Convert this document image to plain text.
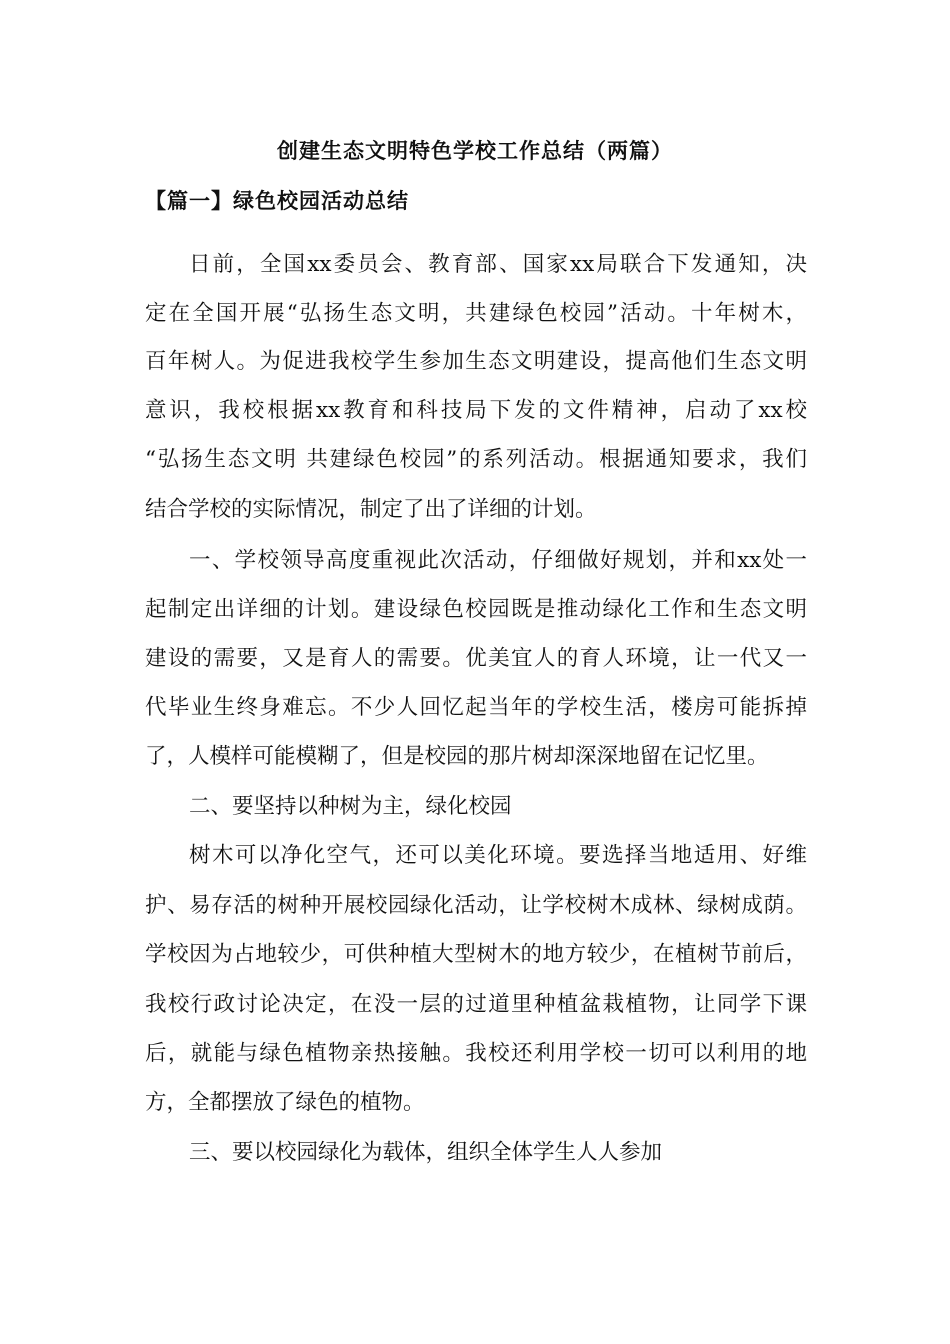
创建生态文明特色学校工作总结（两篇）
【篇一】绿色校园活动总结
日前，全国xx委员会、教育部、国家xx局联合下发通知，决
定在全国开展“弘扬生态文明，共建绿色校园”活动。十年树木，
百年树人。为促进我校学生参加生态文明建设，提高他们生态文明
意识，我校根据xx教育和科技局下发的文件精神，启动了xx校
“弘扬生态文明 共建绿色校园”的系列活动。根据通知要求，我们
结合学校的实际情况，制定了出了详细的计划。
一、学校领导高度重视此次活动，仔细做好规划，并和xx处一
起制定出详细的计划。建设绿色校园既是推动绿化工作和生态文明
建设的需要，又是育人的需要。优美宜人的育人环境，让一代又一
代毕业生终身难忘。不少人回忆起当年的学校生活，楼房可能拆掉
了，人模样可能模糊了，但是校园的那片树却深深地留在记忆里。
二、要坚持以种树为主，绿化校园
树木可以净化空气，还可以美化环境。要选择当地适用、好维
护、易存活的树种开展校园绿化活动，让学校树木成林、绿树成荫。
学校因为占地较少，可供种植大型树木的地方较少，在植树节前后，
我校行政讨论决定，在没一层的过道里种植盆栽植物，让同学下课
后，就能与绿色植物亲热接触。我校还利用学校一切可以利用的地
方，全都摆放了绿色的植物。
三、要以校园绿化为载体，组织全体学生人人参加
